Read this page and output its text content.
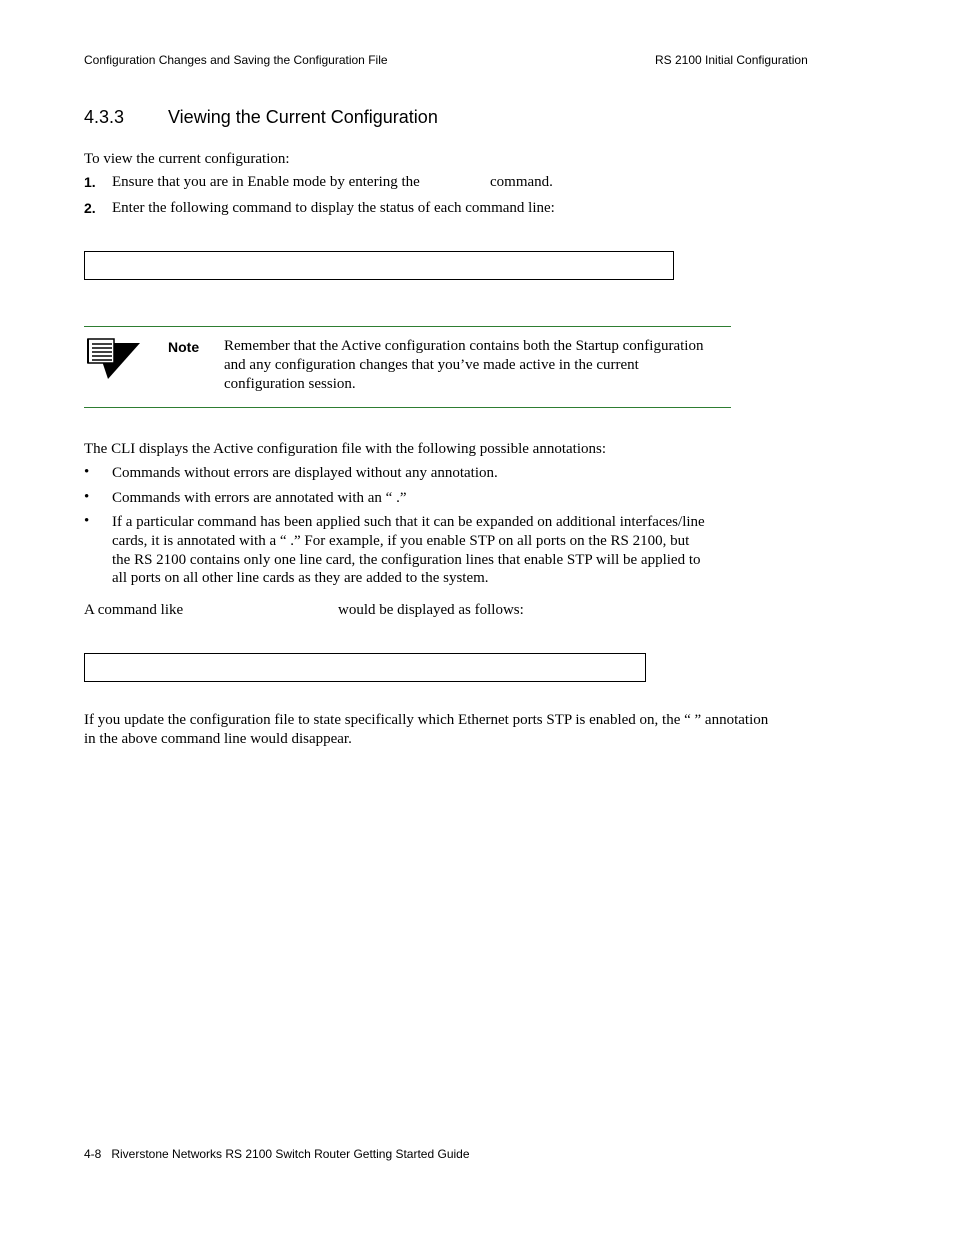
Configuration Changes and Saving the Configuration File	RS 2100 Initial Configuration
4.3.3 Viewing the Current Configuration
To view the current configuration:
1. Ensure that you are in Enable mode by entering the	command.
2. Enter the following command to display the status of each command line:
Note Remember that the Active configuration contains both the Startup configuration
and any configuration changes that you’ve made active in the current
configuration session.
The CLI displays the Active configuration file with the following possible annotations:
• Commands without errors are displayed without any annotation.
• Commands with errors are annotated with an “ .”
• If a particular command has been applied such that it can be expanded on additional interfaces/line
cards, it is annotated with a “ .” For example, if you enable STP on all ports on the RS 2100, but
the RS 2100 contains only one line card, the configuration lines that enable STP will be applied to
all ports on all other line cards as they are added to the system.
A command like	would be displayed as follows:
If you update the configuration file to state specifically which Ethernet ports STP is enabled on, the “ ” annotation
in the above command line would disappear.
4-8   Riverstone Networks RS 2100 Switch Router Getting Started Guide
